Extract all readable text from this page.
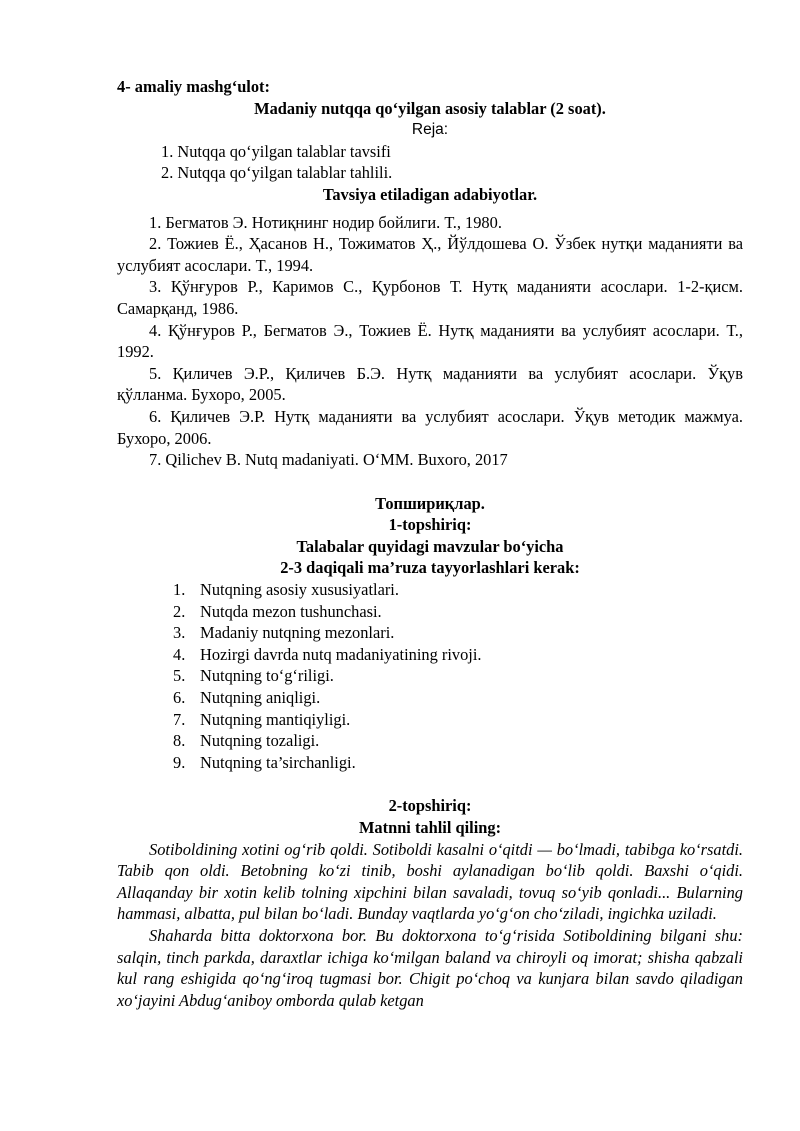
4- amaliy mashg‘ulot:
Madaniy nutqqa qo‘yilgan asosiy talablar (2 soat).
Reja:
1. Nutqqa qo‘yilgan talablar tavsifi
2. Nutqqa qo‘yilgan talablar tahlili.
Tavsiya etiladigan adabiyotlar.

1. Бегматов Э. Нотиқнинг нодир бойлиги. Т., 1980.

2. Тожиев Ё., Ҳасанов Н., Тожиматов Ҳ., Йўлдошева О. Ўзбек нутқи маданияти ва услубият асослари. Т., 1994.

3. Қўнғуров Р., Каримов С., Қурбонов Т. Нутқ маданияти асослари. 1-2-қисм. Самарқанд, 1986.

4. Қўнғуров Р., Бегматов Э., Тожиев Ё. Нутқ маданияти ва услубият асослари. Т., 1992.

5. Қиличев Э.Р., Қиличев Б.Э. Нутқ маданияти ва услубият асослари. Ўқув қўлланма. Бухоро, 2005.

6. Қиличев Э.Р. Нутқ маданияти ва услубият асослари. Ўқув методик мажмуа. Бухоро, 2006.

7. Qilichev B. Nutq madaniyati. O‘MM. Buxoro, 2017

Топшириқлар.
1-topshiriq:
Talabalar quyidagi mavzular bo‘yicha
2-3 daqiqali ma’ruza tayyorlashlari kerak:
1. Nutqning asosiy xususiyatlari.
2. Nutqda mezon tushunchasi.
3. Madaniy nutqning mezonlari.
4. Hozirgi davrda nutq madaniyatining rivoji.
5. Nutqning to‘g‘riligi.
6. Nutqning aniqligi.
7. Nutqning mantiqiyligi.
8. Nutqning tozaligi.
9. Nutqning ta’sirchanligi.
2-topshiriq:
Matnni tahlil qiling:

Sotiboldining xotini og‘rib qoldi. Sotiboldi kasalni o‘qitdi — bo‘lmadi, tabibga ko‘rsatdi. Tabib qon oldi. Betobning ko‘zi tinib, boshi aylanadigan bo‘lib qoldi. Baxshi o‘qidi. Allaqanday bir xotin kelib tolning xipchini bilan savaladi, tovuq so‘yib qonladi... Bularning hammasi, albatta, pul bilan bo‘ladi. Bunday vaqtlarda yo‘g‘on cho‘ziladi, ingichka uziladi.

Shaharda bitta doktorxona bor. Bu doktorxona to‘g‘risida Sotiboldining bilgani shu: salqin, tinch parkda, daraxtlar ichiga ko‘milgan baland va chiroyli oq imorat; shisha qabzali kul rang eshigida qo‘ng‘iroq tugmasi bor. Chigit po‘choq va kunjara bilan savdo qiladigan xo‘jayini Abdug‘aniboy omborda qulab ketgan
